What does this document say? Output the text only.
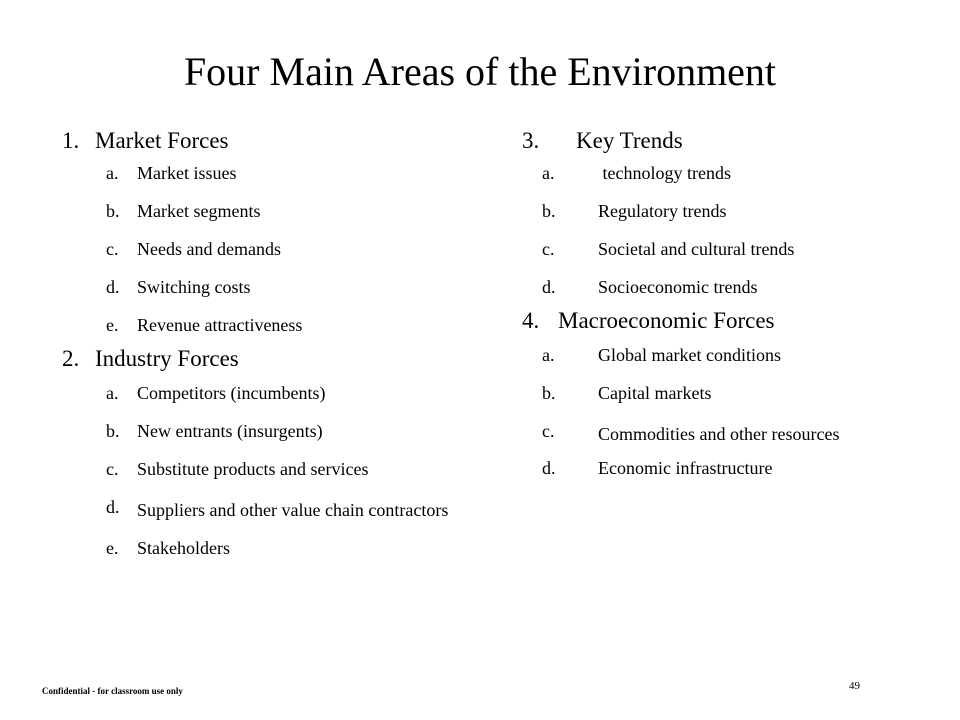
Four Main Areas of the Environment
1. Market Forces
a.	Market issues
b. Market segments
c.	Needs and demands
d. Switching costs
e.	Revenue attractiveness
2. Industry Forces
a.	Competitors (incumbents)
b. New entrants (insurgents)
c.	Substitute products and services
d. Suppliers and other value chain contractors
e.	Stakeholders
3.	Key Trends
a.	technology trends
b.	Regulatory trends
c.	Societal and cultural trends
d.	Socioeconomic trends
4. Macroeconomic Forces
a.	Global market conditions
b.	Capital markets
c.	Commodities and other resources
d.	Economic infrastructure
Confidential - for classroom use only	49
